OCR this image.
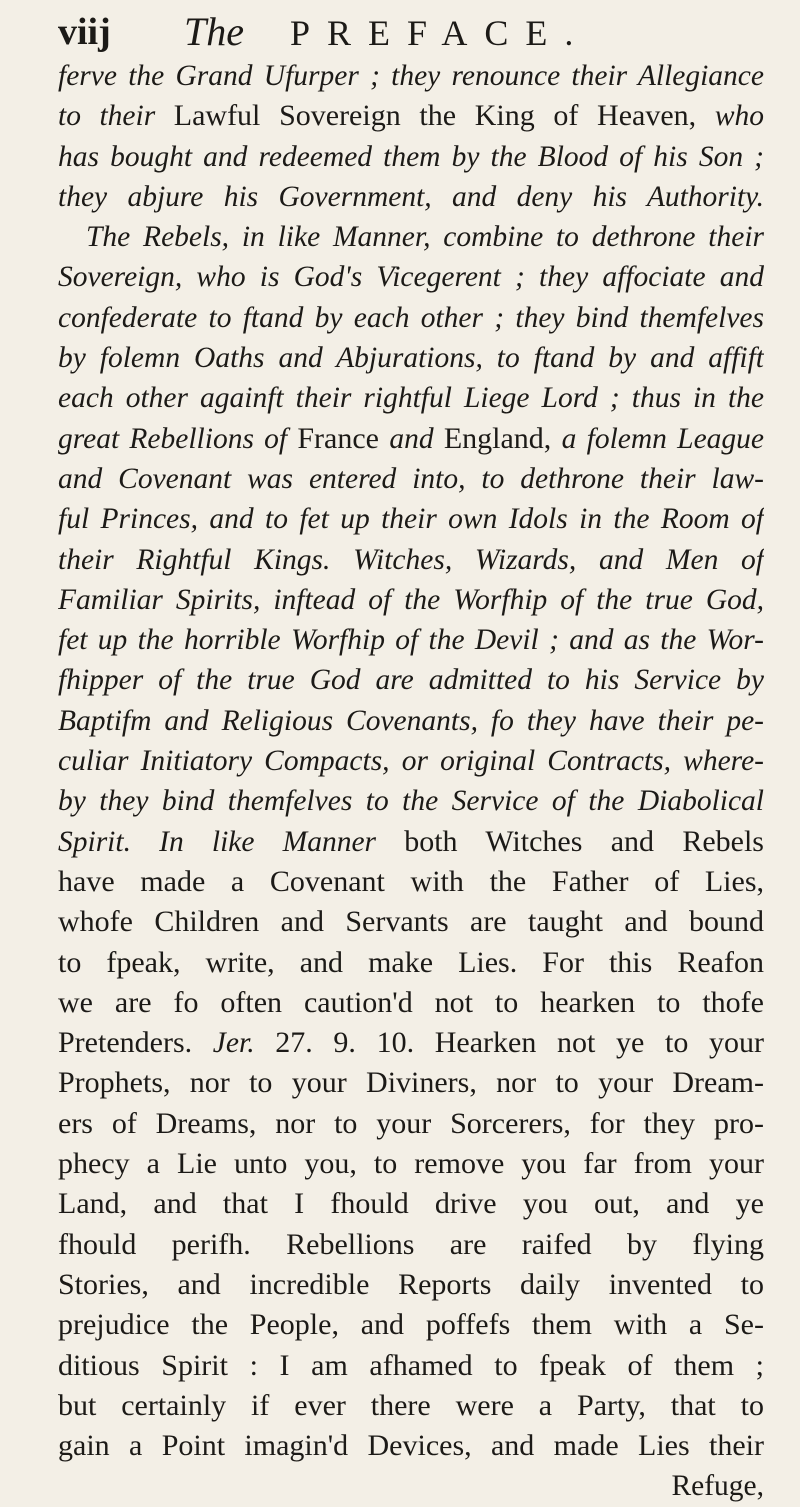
viij The PREFACE.
ferve the Grand Ufurper ; they renounce their Allegiance
to their Lawful Sovereign the King of Heaven, who
has bought and redeemed them by the Blood of his Son ;
they abjure his Government, and deny his Authority.
The Rebels, in like Manner, combine to dethrone their
Sovereign, who is God's Vicegerent ; they affociate and
confederate to ftand by each other ; they bind themfelves
by folemn Oaths and Abjurations, to ftand by and affift
each other againft their rightful Liege Lord ; thus in the
great Rebellions of France and England, a folemn League
and Covenant was entered into, to dethrone their law-
ful Princes, and to fet up their own Idols in the Room of
their Rightful Kings. Witches, Wizards, and Men of
Familiar Spirits, inftead of the Worfhip of the true God,
fet up the horrible Worfhip of the Devil ; and as the Wor-
fhipper of the true God are admitted to his Service by
Baptifm and Religious Covenants, fo they have their pe-
culiar Initiatory Compacts, or original Contracts, where-
by they bind themfelves to the Service of the Diabolical
Spirit. In like Manner both Witches and Rebels
have made a Covenant with the Father of Lies,
whofe Children and Servants are taught and bound
to fpeak, write, and make Lies. For this Reafon
we are fo often caution'd not to hearken to thofe
Pretenders. Jer. 27. 9. 10. Hearken not ye to your
Prophets, nor to your Diviners, nor to your Dream-
ers of Dreams, nor to your Sorcerers, for they pro-
phecy a Lie unto you, to remove you far from your
Land, and that I fhould drive you out, and ye
fhould perifh. Rebellions are raifed by flying
Stories, and incredible Reports daily invented to
prejudice the People, and poffefs them with a Se-
ditious Spirit : I am afhamed to fpeak of them ;
but certainly if ever there were a Party, that to
gain a Point imagin'd Devices, and made Lies their
Refuge,
